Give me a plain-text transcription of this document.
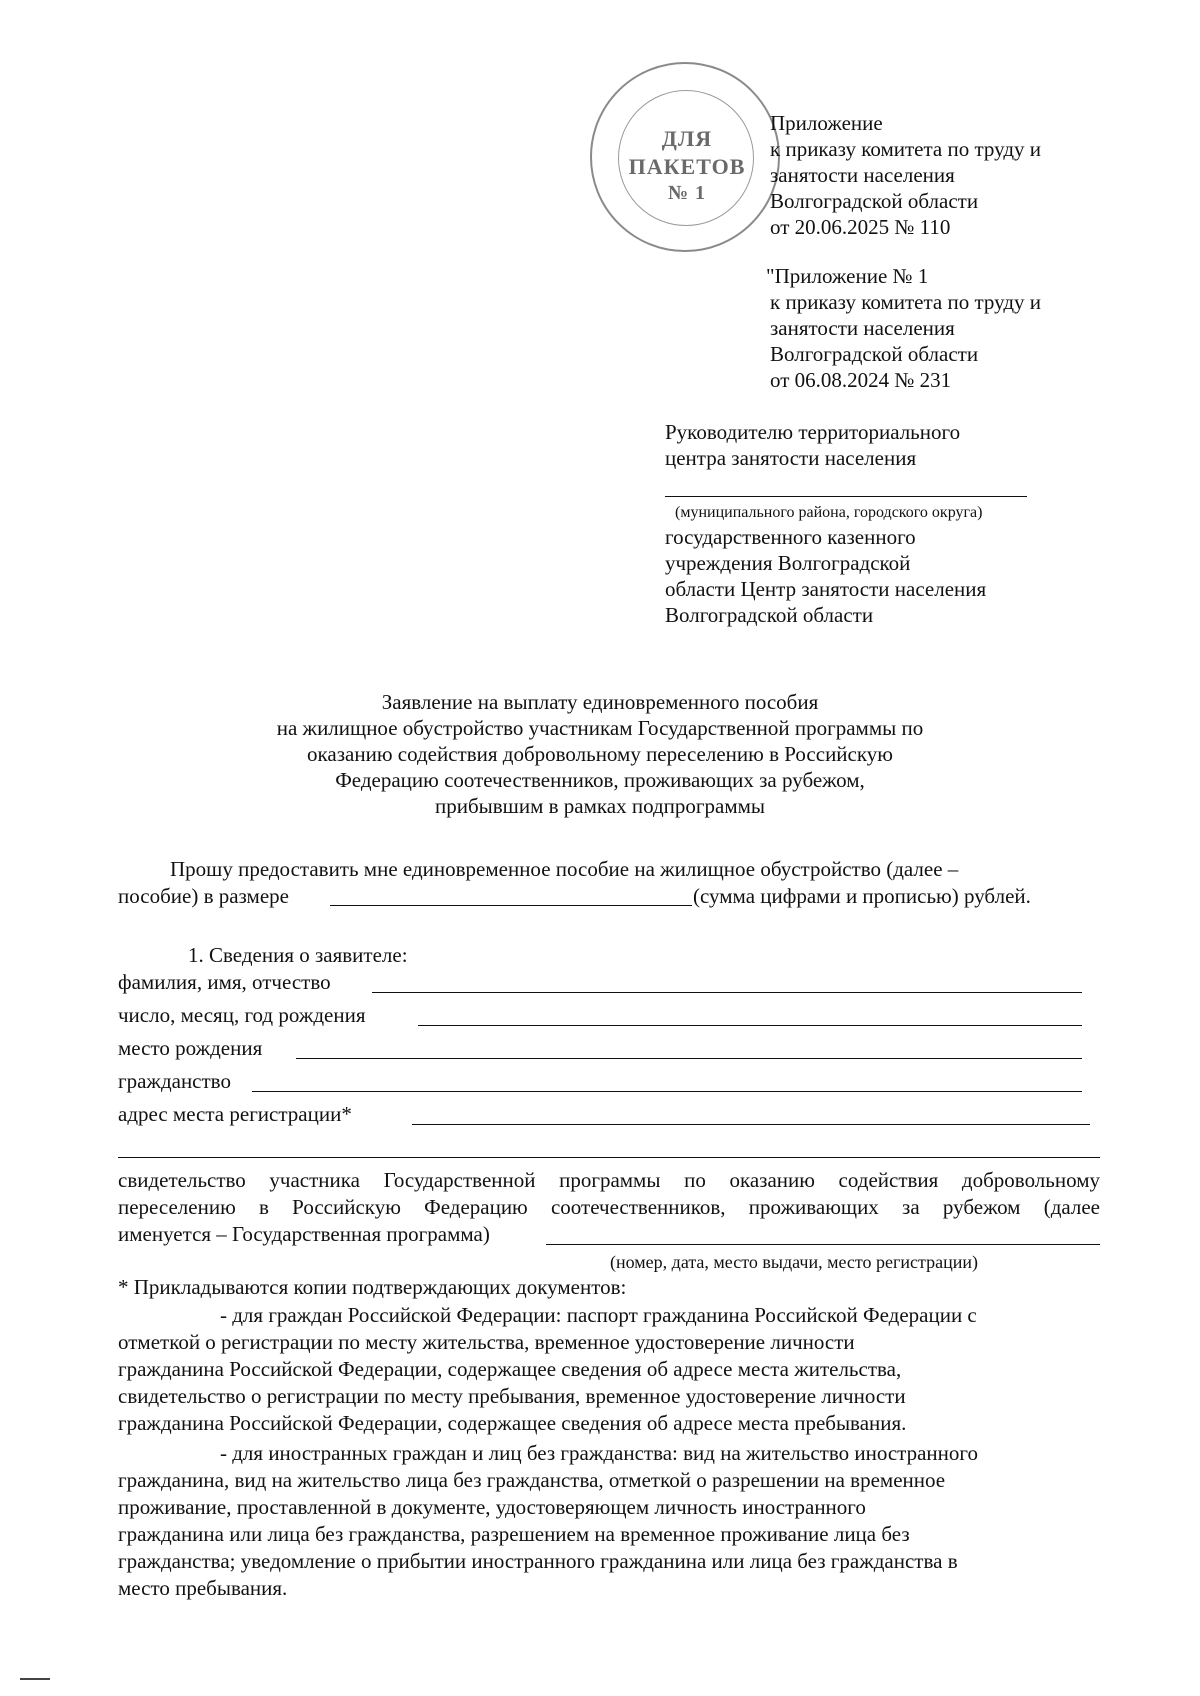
ДЛЯ
ПАКЕТОВ
№ 1
Приложение
к приказу комитета по труду и
занятости населения
Волгоградской области
от 20.06.2025 № 110
"Приложение № 1
к приказу комитета по труду и
занятости населения
Волгоградской области
от 06.08.2024 № 231
Руководителю территориального
центра занятости населения
(муниципального района, городского округа)
государственного казенного
учреждения Волгоградской
области Центр занятости населения
Волгоградской области
Заявление на выплату единовременного пособия
на жилищное обустройство участникам Государственной программы по
оказанию содействия добровольному переселению в Российскую
Федерацию соотечественников, проживающих за рубежом,
прибывшим в рамках подпрограммы
Прошу предоставить мне единовременное пособие на жилищное обустройство (далее –
пособие) в размере	(сумма цифрами и прописью) рублей.
1. Сведения о заявителе:
фамилия, имя, отчество
число, месяц, год рождения
место рождения
гражданство
адрес места регистрации*
свидетельство участника Государственной программы по оказанию содействия добровольному
переселению в Российскую Федерацию соотечественников, проживающих за рубежом (далее
именуется – Государственная программа)
(номер, дата, место выдачи, место регистрации)
* Прикладываются копии подтверждающих документов:
- для граждан Российской Федерации: паспорт гражданина Российской Федерации с
отметкой о регистрации по месту жительства, временное удостоверение личности
гражданина Российской Федерации, содержащее сведения об адресе места жительства,
свидетельство о регистрации по месту пребывания, временное удостоверение личности
гражданина Российской Федерации, содержащее сведения об адресе места пребывания.
- для иностранных граждан и лиц без гражданства: вид на жительство иностранного
гражданина, вид на жительство лица без гражданства, отметкой о разрешении на временное
проживание, проставленной в документе, удостоверяющем личность иностранного
гражданина или лица без гражданства, разрешением на временное проживание лица без
гражданства; уведомление о прибытии иностранного гражданина или лица без гражданства в
место пребывания.
